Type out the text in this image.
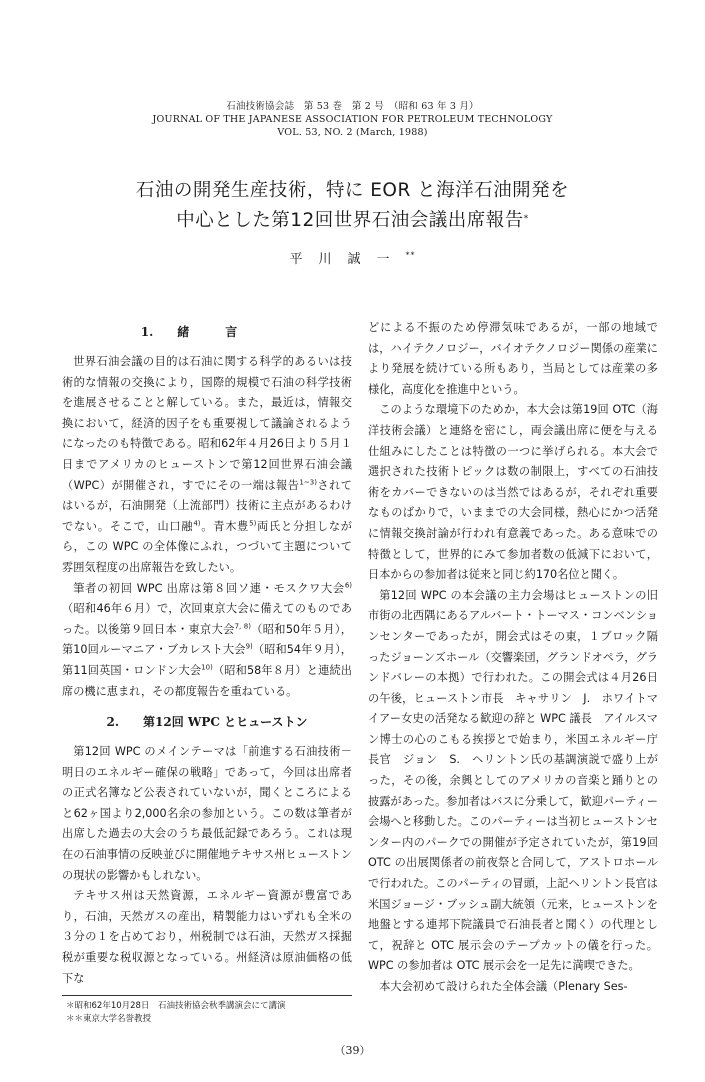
石油技術協会誌　第 53 巻　第 2 号　（昭和 63 年 3 月）
JOURNAL OF THE JAPANESE ASSOCIATION FOR PETROLEUM TECHNOLOGY
VOL. 53, NO. 2 (March, 1988)
石油の開発生産技術，特に EOR と海洋石油開発を
中心とした第12回世界石油会議出席報告*
平川誠一**
1. 緒言

世界石油会議の目的は石油に関する科学的あるいは技術的な情報の交換により，国際的規模で石油の科学技術を進展させることと解している。また，最近は，情報交換において，経済的因子をも重要視して議論されるようになったのも特徴である。昭和62年４月26日より５月１日までアメリカのヒューストンで第12回世界石油会議（WPC）が開催され，すでにその一端は報告$^{1\sim 3)}$されてはいるが，石油開発（上流部門）技術に主点があるわけでない。そこで，山口融$^{4)}$。青木豊$^{5)}$両氏と分担しながら，この WPC の全体像にふれ，つづいて主題について雰囲気程度の出席報告を致したい。

筆者の初回 WPC 出席は第８回ソ連・モスクワ大会$^{6)}$（昭和46年６月）で，次回東京大会に備えてのものであった。以後第９回日本・東京大会$^{7, 8)}$（昭和50年５月），第10回ルーマニア・ブカレスト大会$^{9)}$（昭和54年９月），第11回英国・ロンドン大会$^{10)}$（昭和58年８月）と連続出席の機に恵まれ，その都度報告を重ねている。

2. 第12回 WPC とヒューストン

第12回 WPC のメインテーマは「前進する石油技術－明日のエネルギー確保の戦略」であって，今回は出席者の正式名簿など公表されていないが，聞くところによると62ヶ国より2,000名余の参加という。この数は筆者が出席した過去の大会のうち最低記録であろう。これは現在の石油事情の反映並びに開催地テキサス州ヒューストンの現状の影響かもしれない。

テキサス州は天然資源，エネルギー資源が豊富であり，石油，天然ガスの産出，精製能力はいずれも全米の３分の１を占めており，州税制では石油，天然ガス採掘税が重要な税収源となっている。州経済は原油価格の低下な

＊昭和62年10月28日　石油技術協会秋季講演会にて講演
＊＊東京大学名誉教授

どによる不振のため停滞気味であるが，一部の地域では，ハイテクノロジー，バイオテクノロジー関係の産業により発展を続けている所もあり，当局としては産業の多様化，高度化を推進中という。

このような環境下のためか，本大会は第19回 OTC（海洋技術会議）と連絡を密にし，両会議出席に便を与える仕組みにしたことは特徴の一つに挙げられる。本大会で選択された技術トピックは数の制限上，すべての石油技術をカバーできないのは当然ではあるが，それぞれ重要なものばかりで，いままでの大会同様，熱心にかつ活発に情報交換討論が行われ有意義であった。ある意味での特徴として，世界的にみて参加者数の低減下において，日本からの参加者は従来と同じ約170名位と聞く。

第12回 WPC の本会議の主力会場はヒューストンの旧市街の北西隅にあるアルバート・トーマス・コンベンションセンターであったが，開会式はその東，１ブロック隔ったジョーンズホール（交響楽団，グランドオペラ，グランドバレーの本拠）で行われた。この開会式は４月26日の午後，ヒューストン市長　キャサリン　J.　ホワイトマイアー女史の活発なる歓迎の辞と WPC 議長　アイルスマン博士の心のこもる挨拶とで始まり，米国エネルギー庁長官　ジョン　S.　ヘリントン氏の基調演説で盛り上がった，その後，余興としてのアメリカの音楽と踊りとの披露があった。参加者はバスに分乗して，歓迎パーティー会場へと移動した。このパーティーは当初ヒューストンセンター内のパークでの開催が予定されていたが，第19回 OTC の出展関係者の前夜祭と合同して，アストロホールで行われた。このパーティの冒頭，上記ヘリントン長官は米国ジョージ・ブッシュ副大統領（元来，ヒューストンを地盤とする連邦下院議員で石油長者と聞く）の代理として，祝辞と OTC 展示会のテープカットの儀を行った。WPC の参加者は OTC 展示会を一足先に満喫できた。

本大会初めて設けられた全体会議（Plenary Ses-

（39）
